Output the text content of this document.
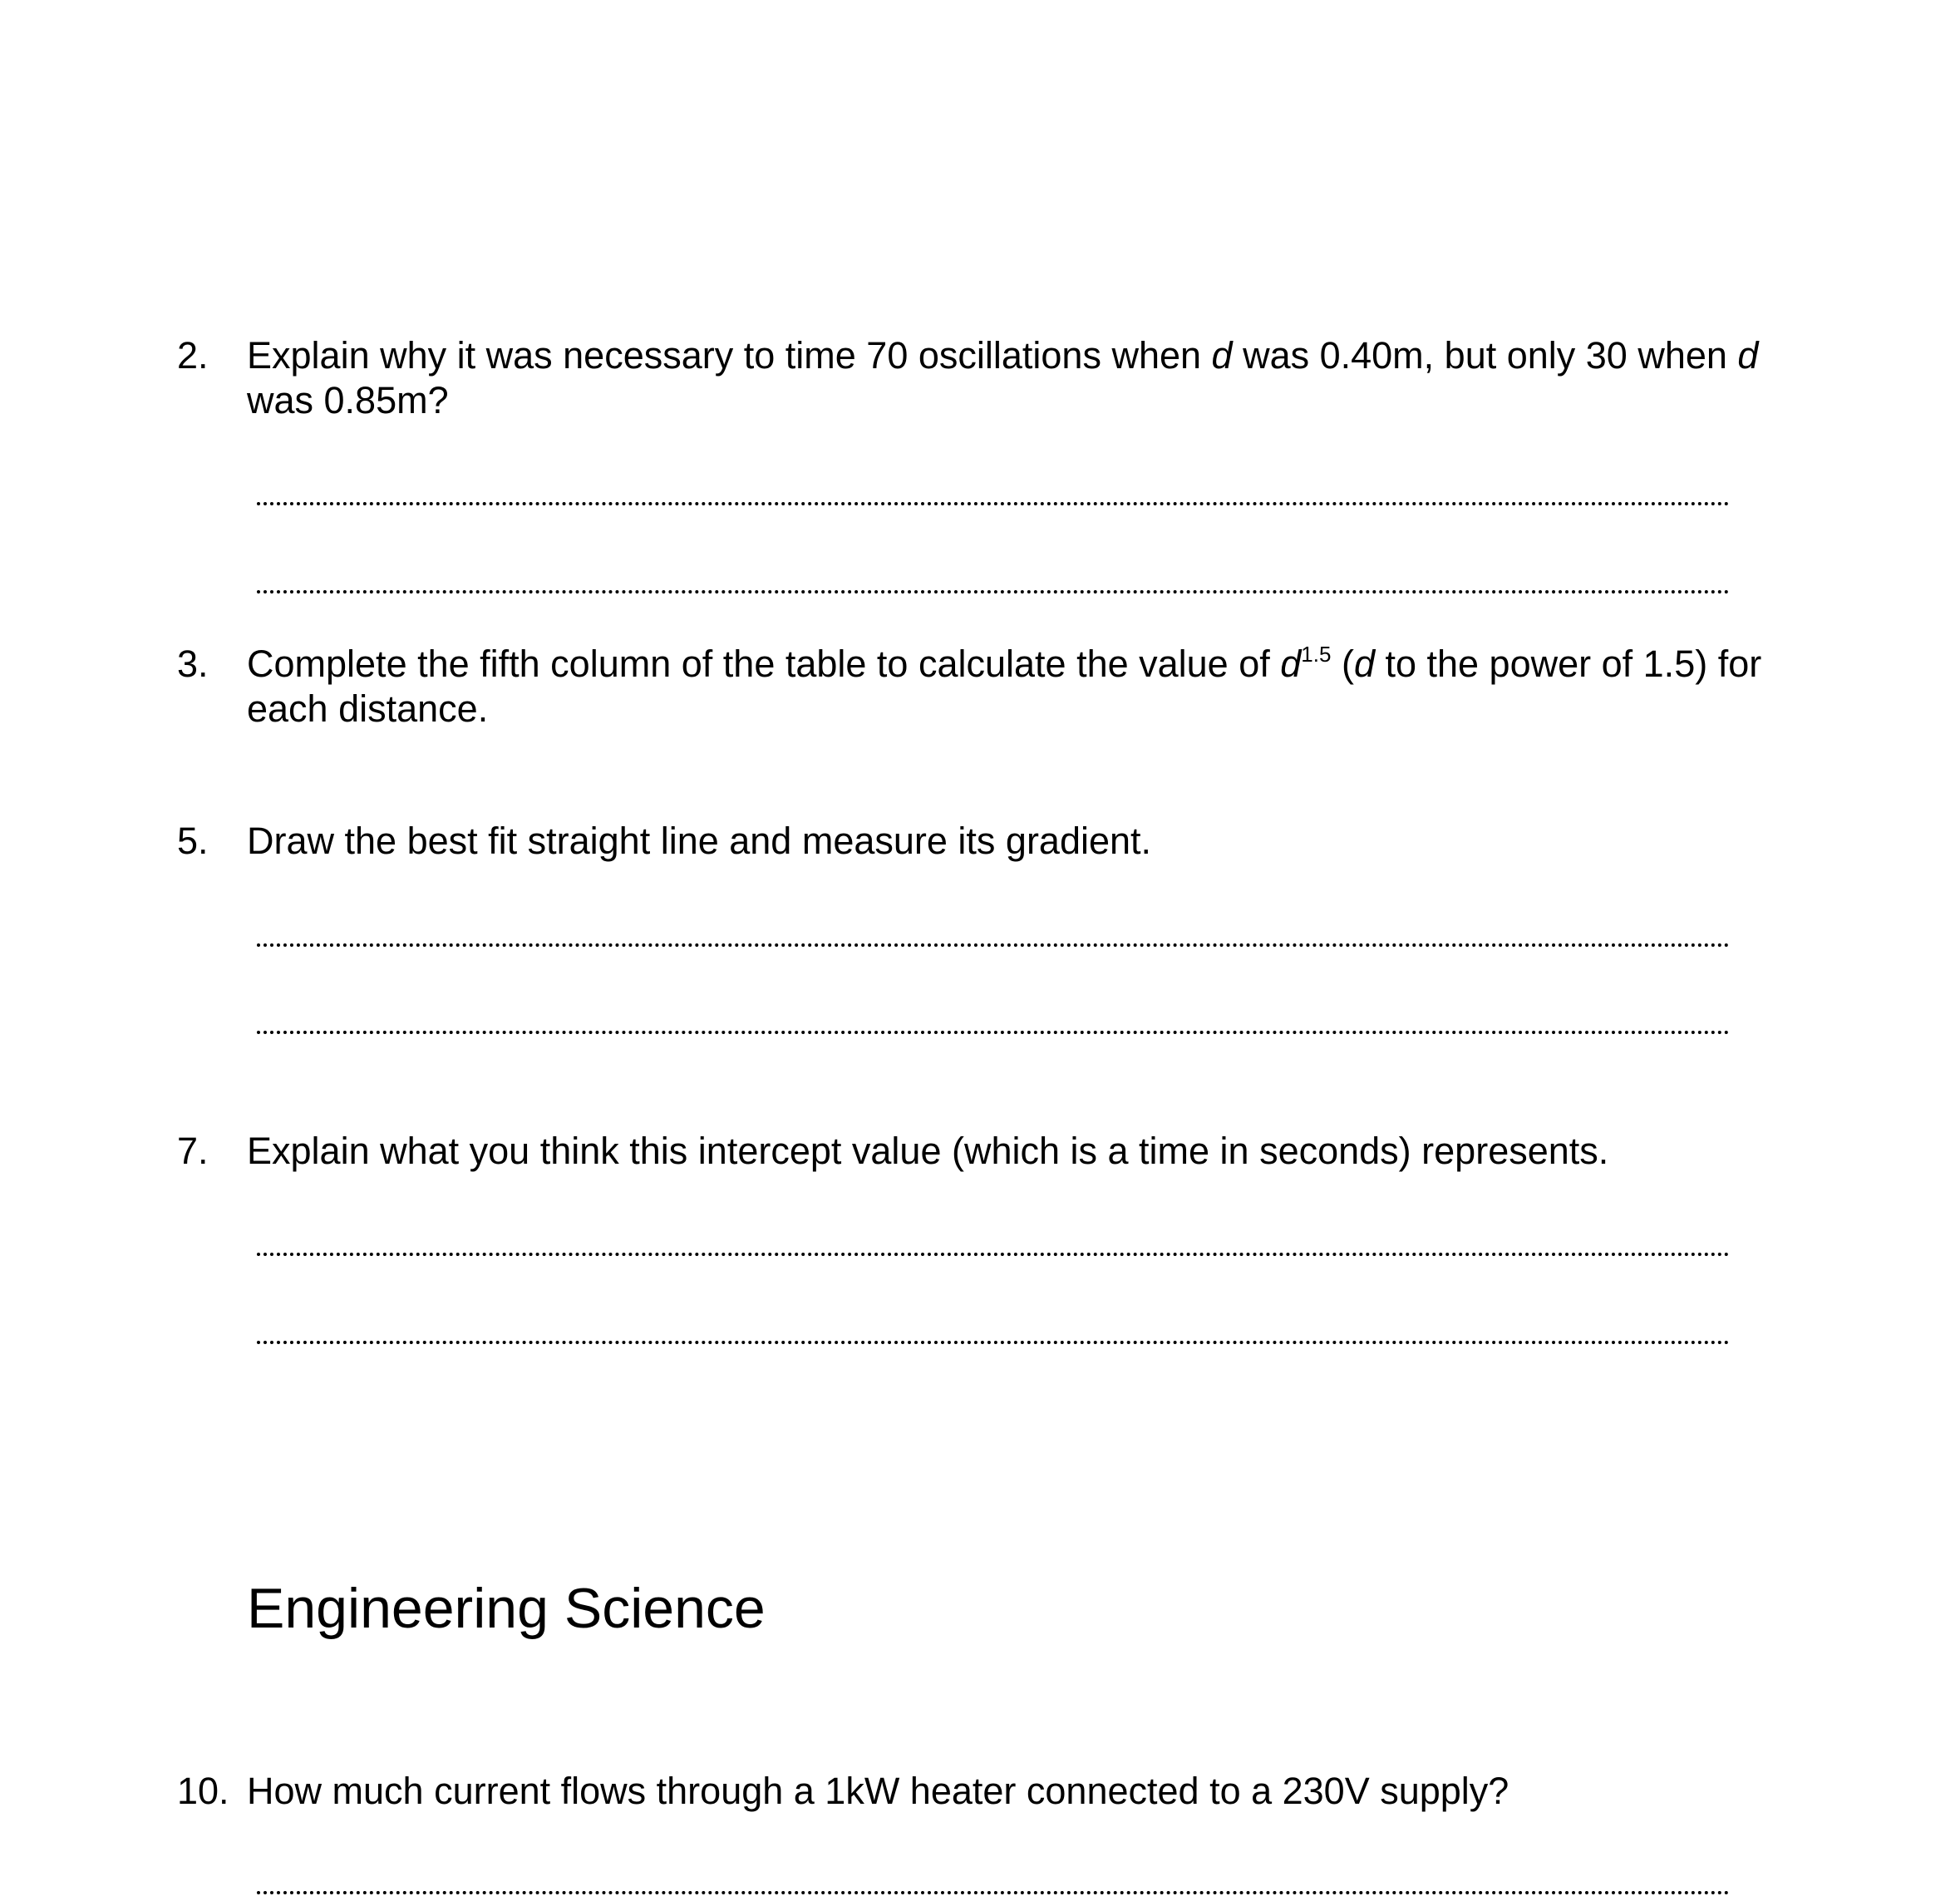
2.	Explain why it was necessary to time 70 oscillations when d was 0.40m, but only 30 when d was 0.85m?
3.	Complete the fifth column of the table to calculate the value of $d^{1.5}$ (d to the power of 1.5) for each distance.
5.	Draw the best fit straight line and measure its gradient.
7.	Explain what you think this intercept value (which is a time in seconds) represents.
Engineering Science
10. How much current flows through a 1kW heater connected to a 230V supply?
